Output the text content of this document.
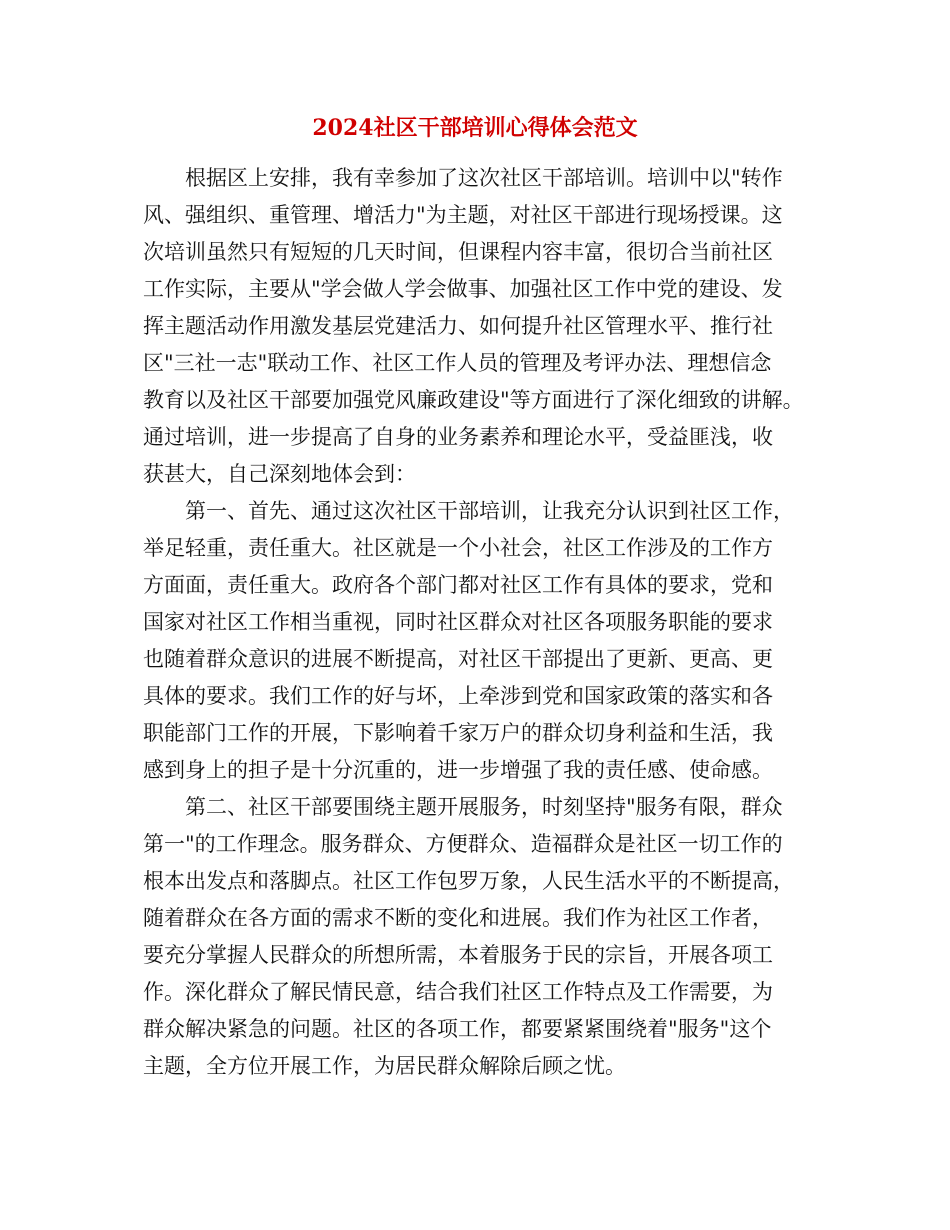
2024社区干部培训心得体会范文
根据区上安排，我有幸参加了这次社区干部培训。培训中以"转作
风、强组织、重管理、增活力"为主题，对社区干部进行现场授课。这
次培训虽然只有短短的几天时间，但课程内容丰富，很切合当前社区
工作实际，主要从"学会做人学会做事、加强社区工作中党的建设、发
挥主题活动作用激发基层党建活力、如何提升社区管理水平、推行社
区"三社一志"联动工作、社区工作人员的管理及考评办法、理想信念
教育以及社区干部要加强党风廉政建设"等方面进行了深化细致的讲解。
通过培训，进一步提高了自身的业务素养和理论水平，受益匪浅，收
获甚大，自己深刻地体会到：
第一、首先、通过这次社区干部培训，让我充分认识到社区工作，
举足轻重，责任重大。社区就是一个小社会，社区工作涉及的工作方
方面面，责任重大。政府各个部门都对社区工作有具体的要求，党和
国家对社区工作相当重视，同时社区群众对社区各项服务职能的要求
也随着群众意识的进展不断提高，对社区干部提出了更新、更高、更
具体的要求。我们工作的好与坏，上牵涉到党和国家政策的落实和各
职能部门工作的开展，下影响着千家万户的群众切身利益和生活，我
感到身上的担子是十分沉重的，进一步增强了我的责任感、使命感。
第二、社区干部要围绕主题开展服务，时刻坚持"服务有限，群众
第一"的工作理念。服务群众、方便群众、造福群众是社区一切工作的
根本出发点和落脚点。社区工作包罗万象，人民生活水平的不断提高，
随着群众在各方面的需求不断的变化和进展。我们作为社区工作者，
要充分掌握人民群众的所想所需，本着服务于民的宗旨，开展各项工
作。深化群众了解民情民意，结合我们社区工作特点及工作需要，为
群众解决紧急的问题。社区的各项工作，都要紧紧围绕着"服务"这个
主题，全方位开展工作，为居民群众解除后顾之忧。
